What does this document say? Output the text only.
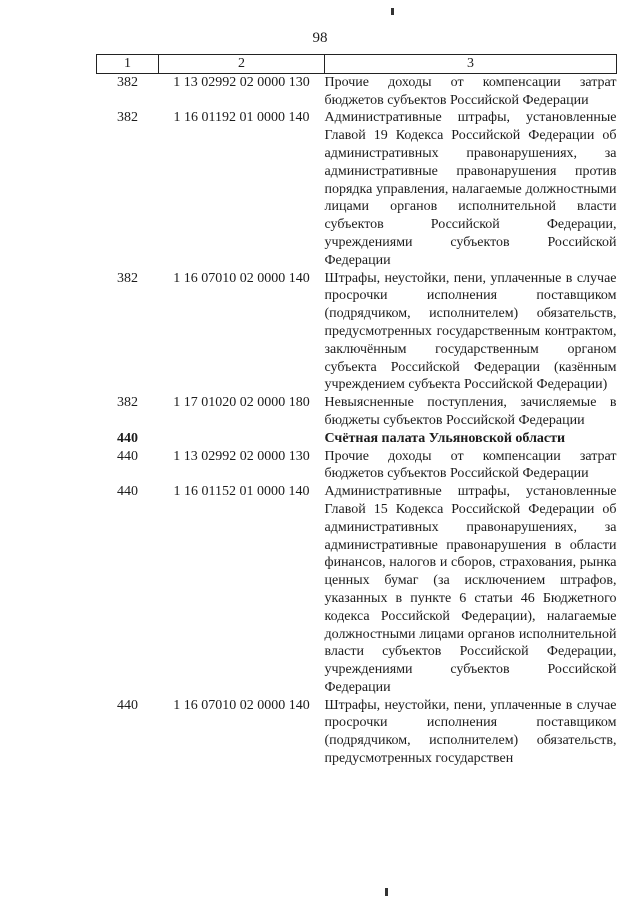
98
1	2	3
382	1 13 02992 02 0000 130	Прочие доходы от компенсации затрат бюджетов субъектов Российской Федерации
382	1 16 01192 01 0000 140	Административные штрафы, установленные Главой 19 Кодекса Российской Федерации об административных правонарушениях, за административные правонарушения против порядка управления, налагаемые должностными лицами органов исполнительной власти субъектов Российской Федерации, учреждениями субъектов Российской Федерации
382	1 16 07010 02 0000 140	Штрафы, неустойки, пени, уплаченные в случае просрочки исполнения поставщиком (подрядчиком, исполнителем) обязательств, предусмотренных государственным контрактом, заключённым государственным органом субъекта Российской Федерации (казённым учреждением субъекта Российской Федерации)
382	1 17 01020 02 0000 180	Невыясненные поступления, зачисляемые в бюджеты субъектов Российской Федерации
440		Счётная палата Ульяновской области
440	1 13 02992 02 0000 130	Прочие доходы от компенсации затрат бюджетов субъектов Российской Федерации
440	1 16 01152 01 0000 140	Административные штрафы, установленные Главой 15 Кодекса Российской Федерации об административных правонарушениях, за административные правонарушения в области финансов, налогов и сборов, страхования, рынка ценных бумаг (за исключением штрафов, указанных в пункте 6 статьи 46 Бюджетного кодекса Российской Федерации), налагаемые должностными лицами органов исполнительной власти субъектов Российской Федерации, учреждениями субъектов Российской Федерации
440	1 16 07010 02 0000 140	Штрафы, неустойки, пени, уплаченные в случае просрочки исполнения поставщиком (подрядчиком, исполнителем) обязательств, предусмотренных государствен
